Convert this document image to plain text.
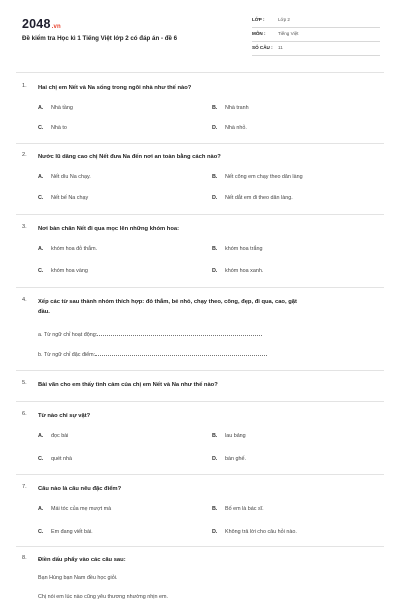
2048.vn
Đề kiểm tra Học kì 1 Tiếng Việt lớp 2 có đáp án - đề 6
LỚP :	Lớp 2
MÔN :	Tiếng Việt
SỐ CÂU : 11
1. Hai chị em Nết và Na sống trong ngôi nhà như thế nào?
A. Nhà tầng	B. Nhà tranh
C. Nhà to	D. Nhà nhỏ.
2. Nước lũ dâng cao chị Nết đưa Na đến nơi an toàn bằng cách nào?
A. Nết dìu Na chạy.	B. Nết cõng em chạy theo dân làng
C. Nết bế Na chạy	D. Nết dắt em đi theo dân làng.
3. Nơi bàn chân Nết đi qua mọc lên những khóm hoa:
A. khóm hoa đỏ thắm.	B. khóm hoa trắng
C. khóm hoa vàng	D. khóm hoa xanh.
4. Xếp các từ sau thành nhóm thích hợp: đỏ thắm, bé nhỏ, chạy theo, cõng, đẹp, đi qua, cao, gặt
đầu.
a. Từ ngữ chỉ hoạt động:
b. Từ ngữ chỉ đặc điểm:
5. Bài văn cho em thấy tình cảm của chị em Nết và Na như thế nào?
6. Từ nào chỉ sự vật?
A. đọc bài	B. lau bảng
C. quét nhà	D. bàn ghế.
7. Câu nào là câu nêu đặc điểm?
A. Mái tóc của mẹ mượt mà	B. Bố em là bác sĩ.
C. Em đang viết bài.	D. Không trả lời cho câu hỏi nào.
8. Điền dấu phẩy vào các câu sau:
Bạn Hùng bạn Nam đều học giỏi.
Chị nói em lúc nào cũng yêu thương nhường nhịn em.
